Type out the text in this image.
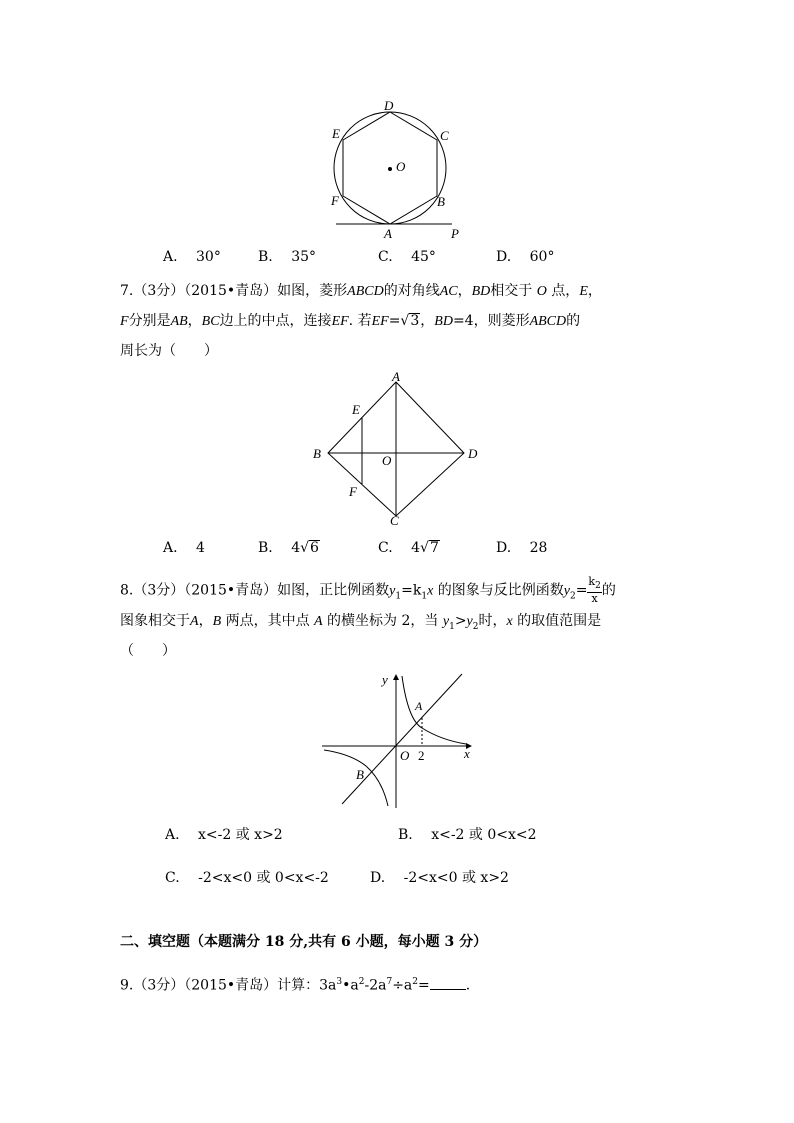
D
C
E
O
F	B
A	P
A.　 30°	B.　 35°	C.　 45°	D.　 60°
7.（3分）（2015•青岛）如图，菱形ABCD的对角线AC，BD相交于 O 点，E，
F分别是AB，BC边上的中点，连接EF. 若EF=√3，BD=4，则菱形ABCD的
周长为（　　）
A
E
B	O	D
F
C
A.　 4	B.　 4√6	C.　 4√7	D.　 28
8.（3分）（2015•青岛）如图，正比例函数$y_1=k_1x$ 的图象与反比例函数$y_2= \frac{k_2}{x}$ 的
图象相交于A，B 两点，其中点 A 的横坐标为 2，当 $y_1>y_2$时，x 的取值范围是
（　　）
y
A
O 2	x
B
A.　 x<-2 或 x>2	B.　 x<-2 或 0<x<2
C.　 -2<x<0 或 0<x<-2	D.　 -2<x<0 或 x>2
二、填空题（本题满分 18 分,共有 6 小题，每小题 3 分）
9.（3分）（2015•青岛）计算：$3a^3•a^2-2a^7\div a^2=$	.
